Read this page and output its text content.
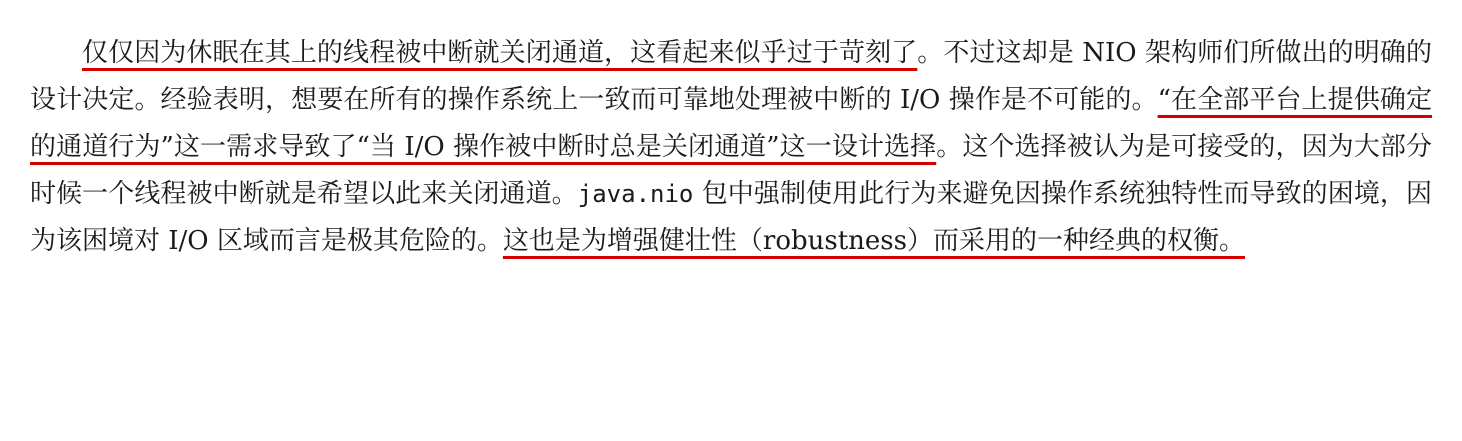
仅仅因为休眠在其上的线程被中断就关闭通道，这看起来似乎过于苛刻了。不过这却是 NIO 架构师们所做出的明确的设计决定。经验表明，想要在所有的操作系统上一致而可靠地处理被中断的 I/O 操作是不可能的。“在全部平台上提供确定的通道行为”这一需求导致了“当 I/O 操作被中断时总是关闭通道”这一设计选择。这个选择被认为是可接受的，因为大部分时候一个线程被中断就是希望以此来关闭通道。java.nio 包中强制使用此行为来避免因操作系统独特性而导致的困境，因为该困境对 I/O 区域而言是极其危险的。这也是为增强健壮性（robustness）而采用的一种经典的权衡。
